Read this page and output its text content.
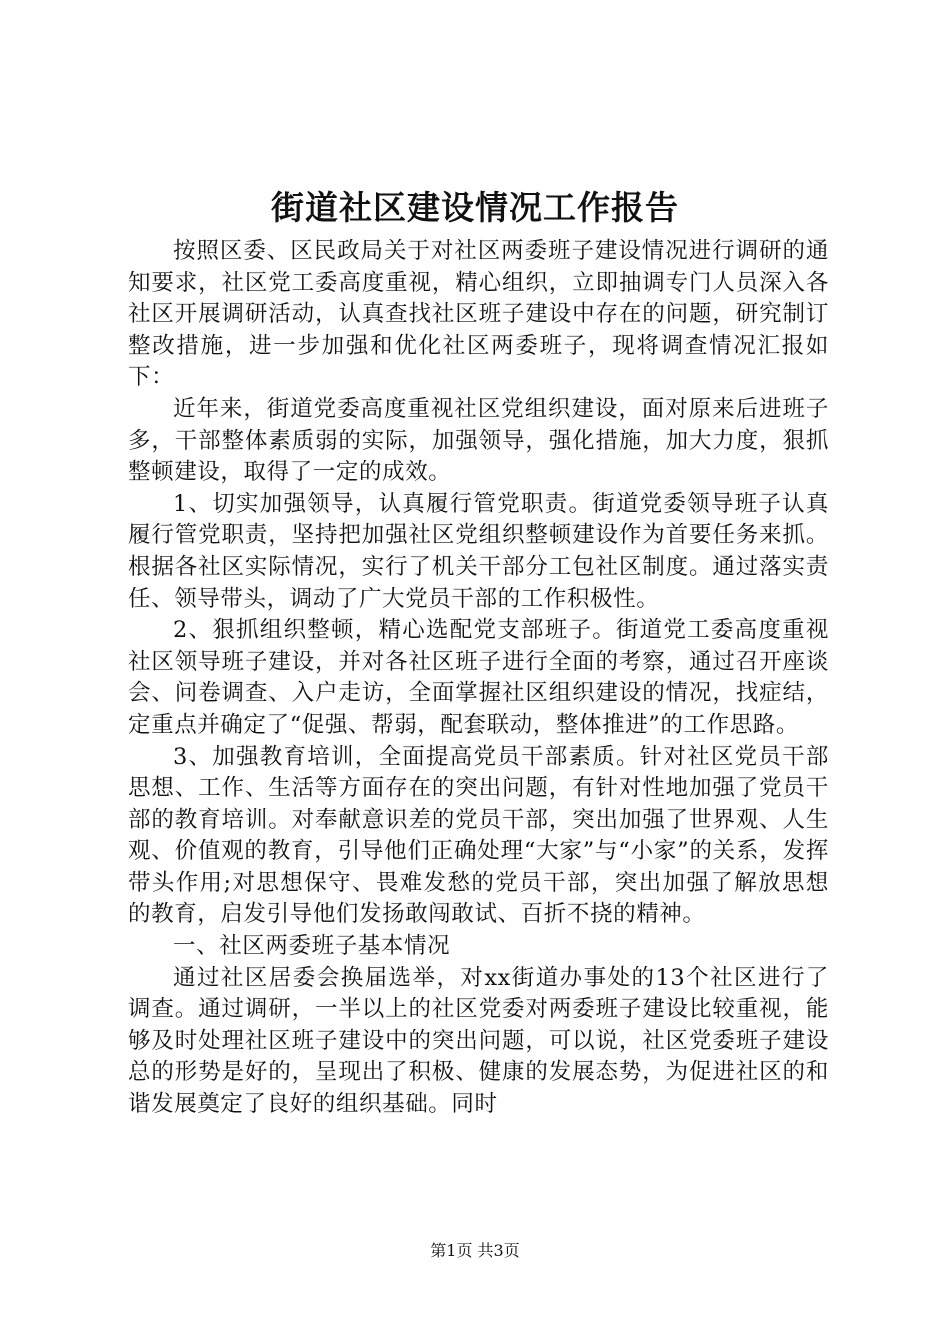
街道社区建设情况工作报告

按照区委、区民政局关于对社区两委班子建设情况进行调研的通知要求，社区党工委高度重视，精心组织，立即抽调专门人员深入各社区开展调研活动，认真查找社区班子建设中存在的问题，研究制订整改措施，进一步加强和优化社区两委班子，现将调查情况汇报如下：

近年来，街道党委高度重视社区党组织建设，面对原来后进班子多，干部整体素质弱的实际，加强领导，强化措施，加大力度，狠抓整顿建设，取得了一定的成效。

1、切实加强领导，认真履行管党职责。街道党委领导班子认真履行管党职责，坚持把加强社区党组织整顿建设作为首要任务来抓。根据各社区实际情况，实行了机关干部分工包社区制度。通过落实责任、领导带头，调动了广大党员干部的工作积极性。

2、狠抓组织整顿，精心选配党支部班子。街道党工委高度重视社区领导班子建设，并对各社区班子进行全面的考察，通过召开座谈会、问卷调查、入户走访，全面掌握社区组织建设的情况，找症结，定重点并确定了“促强、帮弱，配套联动，整体推进”的工作思路。

3、加强教育培训，全面提高党员干部素质。针对社区党员干部思想、工作、生活等方面存在的突出问题，有针对性地加强了党员干部的教育培训。对奉献意识差的党员干部，突出加强了世界观、人生观、价值观的教育，引导他们正确处理“大家”与“小家”的关系，发挥带头作用;对思想保守、畏难发愁的党员干部，突出加强了解放思想的教育，启发引导他们发扬敢闯敢试、百折不挠的精神。

一、社区两委班子基本情况

通过社区居委会换届选举，对xx街道办事处的13个社区进行了调查。通过调研，一半以上的社区党委对两委班子建设比较重视，能够及时处理社区班子建设中的突出问题，可以说，社区党委班子建设总的形势是好的，呈现出了积极、健康的发展态势，为促进社区的和谐发展奠定了良好的组织基础。同时

第1页 共3页
